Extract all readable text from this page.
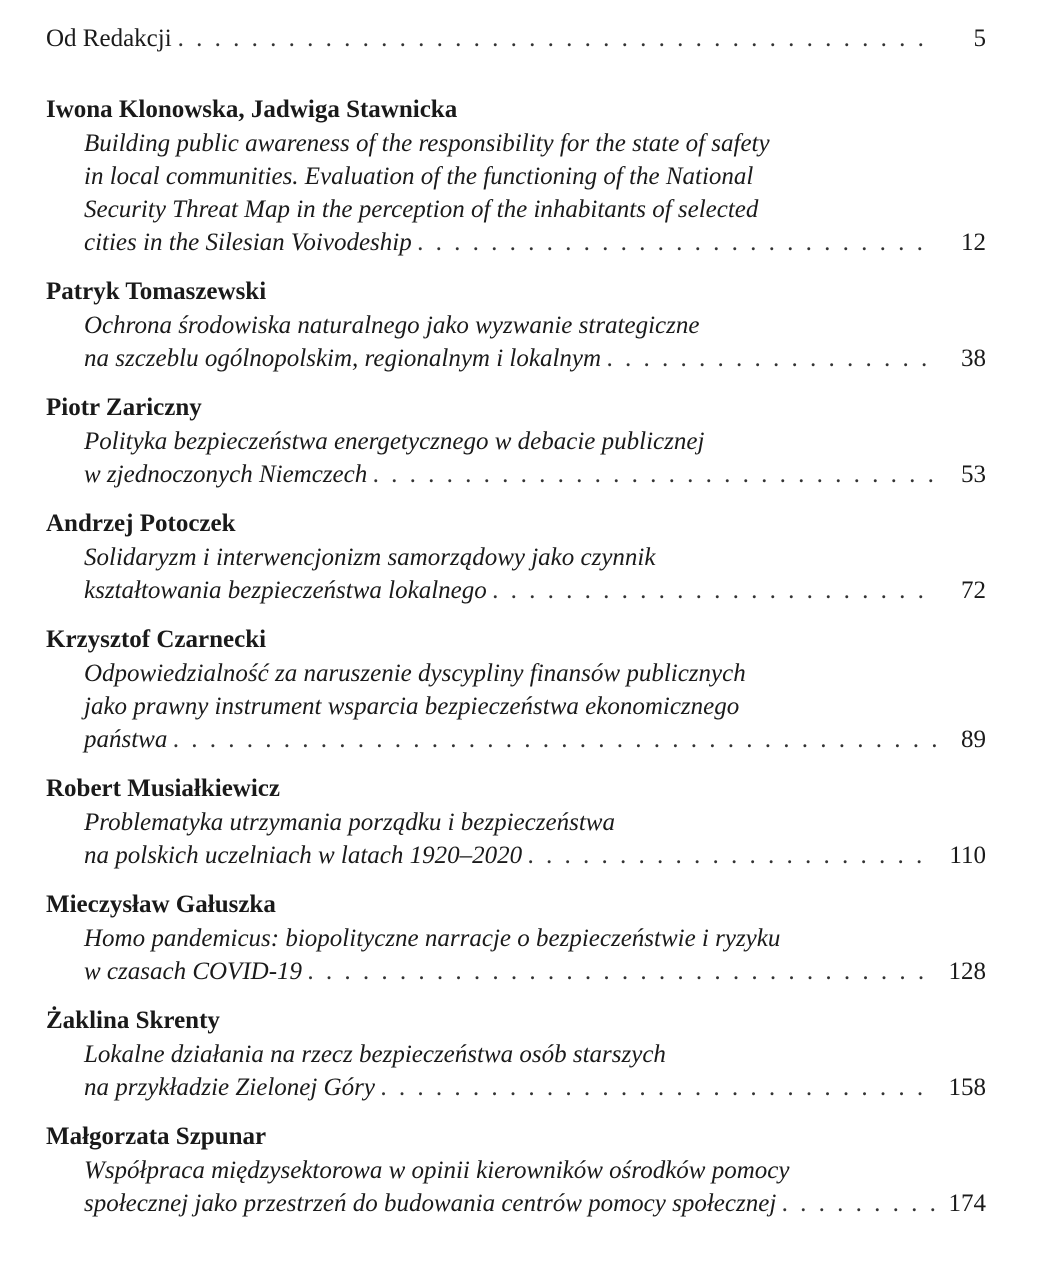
Od Redakcji . . .	5
Iwona Klonowska, Jadwiga Stawnicka
Building public awareness of the responsibility for the state of safety
in local communities. Evaluation of the functioning of the National
Security Threat Map in the perception of the inhabitants of selected
cities in the Silesian Voivodeship . . .	12
Patryk Tomaszewski
Ochrona środowiska naturalnego jako wyzwanie strategiczne
na szczeblu ogólnopolskim, regionalnym i lokalnym . . .	38
Piotr Zariczny
Polityka bezpieczeństwa energetycznego w debacie publicznej
w zjednoczonych Niemczech . . .	53
Andrzej Potoczek
Solidaryzm i interwencjonizm samorządowy jako czynnik
kształtowania bezpieczeństwa lokalnego . . .	72
Krzysztof Czarnecki
Odpowiedzialność za naruszenie dyscypliny finansów publicznych
jako prawny instrument wsparcia bezpieczeństwa ekonomicznego
państwa . . .	89
Robert Musiałkiewicz
Problematyka utrzymania porządku i bezpieczeństwa
na polskich uczelniach w latach 1920–2020 . . .	110
Mieczysław Gałuszka
Homo pandemicus: biopolityczne narracje o bezpieczeństwie i ryzyku
w czasach COVID-19 . . .	128
Żaklina Skrenty
Lokalne działania na rzecz bezpieczeństwa osób starszych
na przykładzie Zielonej Góry . . .	158
Małgorzata Szpunar
Współpraca międzysektorowa w opinii kierowników ośrodków pomocy
społecznej jako przestrzeń do budowania centrów pomocy społecznej . . .	174
